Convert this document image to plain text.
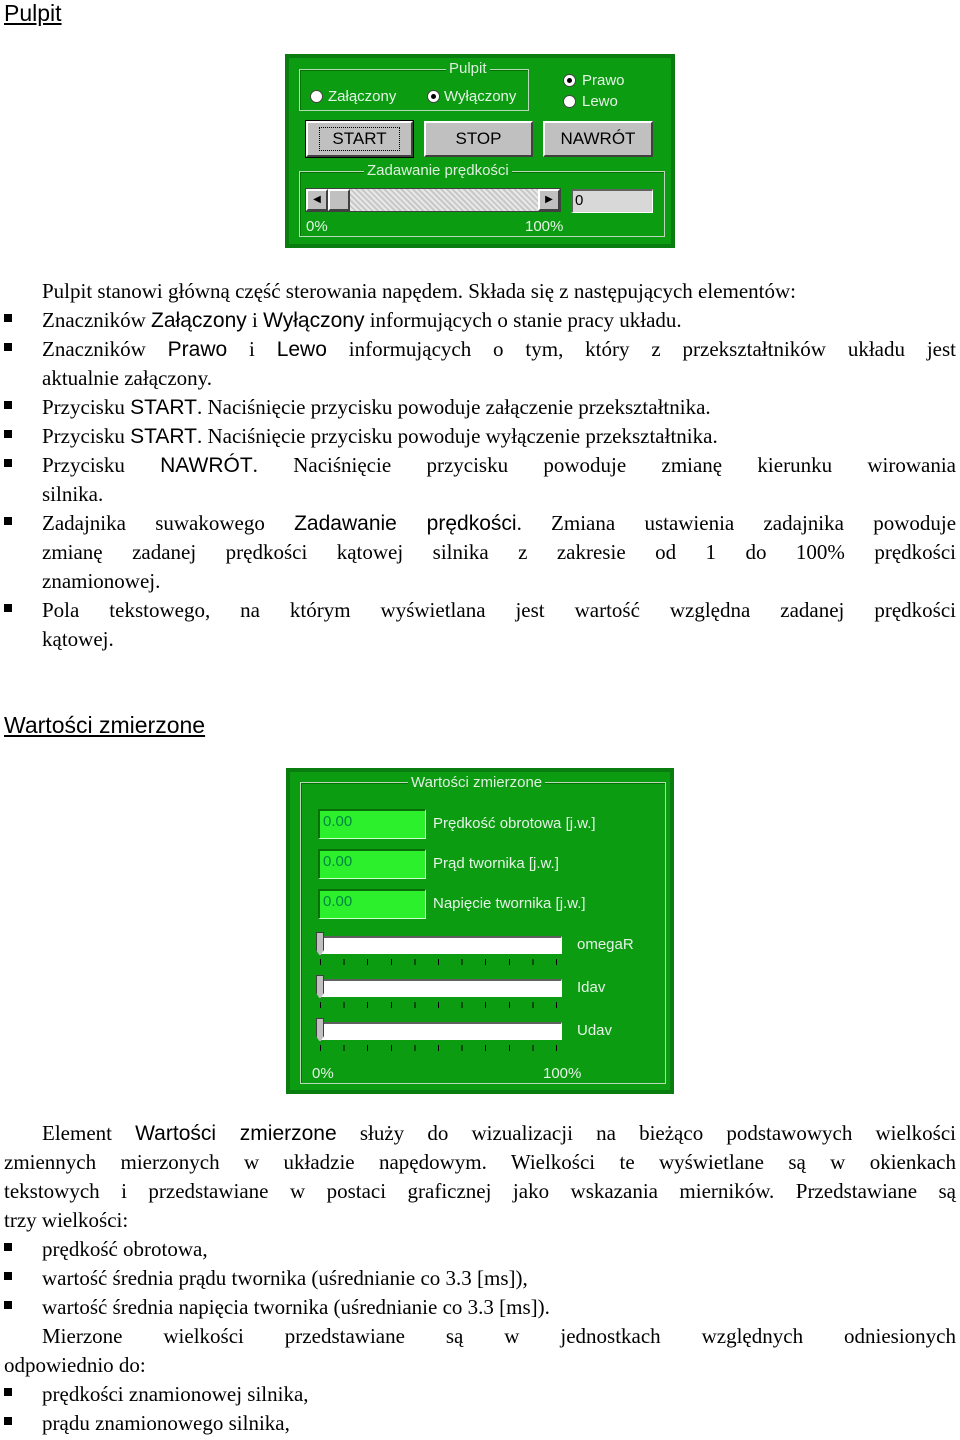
Pulpit
Pulpit
Załączony	Wyłączony
Prawo
Lewo
START	STOP	NAWRÓT
Zadawanie prędkości
◀	▶	0
0%	100%
Pulpit stanowi główną część sterowania napędem. Składa się z następujących elementów:
Znaczników Załączony i Wyłączony informujących o stanie pracy układu.
Znaczników Prawo i Lewo informujących o tym, który z przekształtników układu jest
aktualnie załączony.
Przycisku START. Naciśnięcie przycisku powoduje załączenie przekształtnika.
Przycisku START. Naciśnięcie przycisku powoduje wyłączenie przekształtnika.
Przycisku NAWRÓT. Naciśnięcie przycisku powoduje zmianę kierunku wirowania
silnika.
Zadajnika suwakowego Zadawanie prędkości. Zmiana ustawienia zadajnika powoduje
zmianę zadanej prędkości kątowej silnika z zakresie od 1 do 100% prędkości
znamionowej.
Pola tekstowego, na którym wyświetlana jest wartość względna zadanej prędkości
kątowej.
Wartości zmierzone
Wartości zmierzone
0.00	Prędkość obrotowa [j.w.]
0.00	Prąd twornika [j.w.]
0.00	Napięcie twornika [j.w.]
omegaR
Idav
Udav
0%	100%
Element Wartości zmierzone służy do wizualizacji na bieżąco podstawowych wielkości
zmiennych mierzonych w układzie napędowym. Wielkości te wyświetlane są w okienkach
tekstowych i przedstawiane w postaci graficznej jako wskazania mierników. Przedstawiane są
trzy wielkości:
prędkość obrotowa,
wartość średnia prądu twornika (uśrednianie co 3.3 [ms]),
wartość średnia napięcia twornika (uśrednianie co 3.3 [ms]).
Mierzone wielkości przedstawiane są w jednostkach względnych odniesionych
odpowiednio do:
prędkości znamionowej silnika,
prądu znamionowego silnika,
